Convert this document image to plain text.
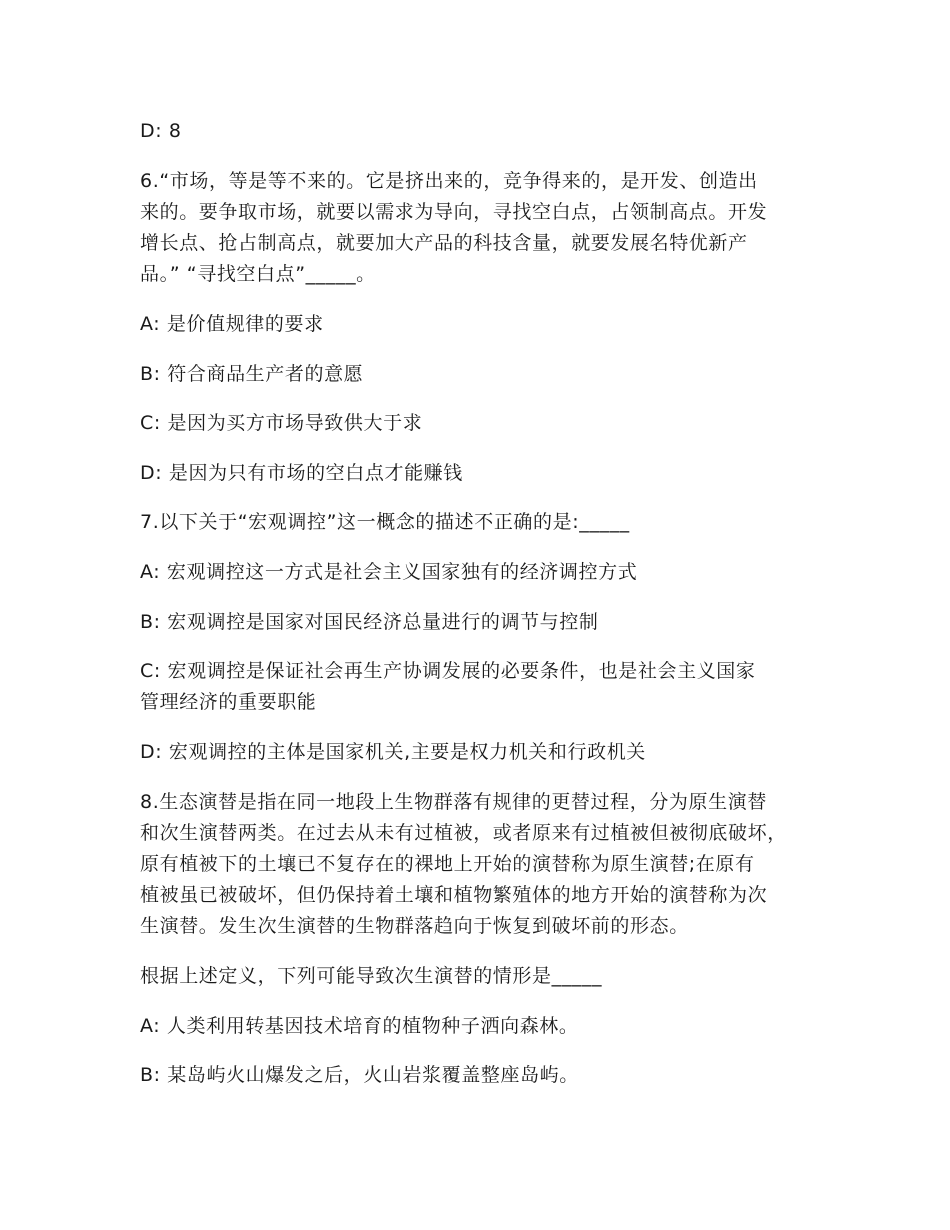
D: 8
6.“市场，等是等不来的。它是挤出来的，竞争得来的，是开发、创造出
来的。要争取市场，就要以需求为导向，寻找空白点，占领制高点。开发
增长点、抢占制高点，就要加大产品的科技含量，就要发展名特优新产
品。” “寻找空白点”_____。
A: 是价值规律的要求
B: 符合商品生产者的意愿
C: 是因为买方市场导致供大于求
D: 是因为只有市场的空白点才能赚钱
7.以下关于“宏观调控”这一概念的描述不正确的是:_____
A: 宏观调控这一方式是社会主义国家独有的经济调控方式
B: 宏观调控是国家对国民经济总量进行的调节与控制
C: 宏观调控是保证社会再生产协调发展的必要条件，也是社会主义国家
管理经济的重要职能
D: 宏观调控的主体是国家机关,主要是权力机关和行政机关
8.生态演替是指在同一地段上生物群落有规律的更替过程，分为原生演替
和次生演替两类。在过去从未有过植被，或者原来有过植被但被彻底破坏，
原有植被下的土壤已不复存在的裸地上开始的演替称为原生演替;在原有
植被虽已被破坏，但仍保持着土壤和植物繁殖体的地方开始的演替称为次
生演替。发生次生演替的生物群落趋向于恢复到破坏前的形态。
根据上述定义，下列可能导致次生演替的情形是_____
A: 人类利用转基因技术培育的植物种子洒向森林。
B: 某岛屿火山爆发之后，火山岩浆覆盖整座岛屿。
